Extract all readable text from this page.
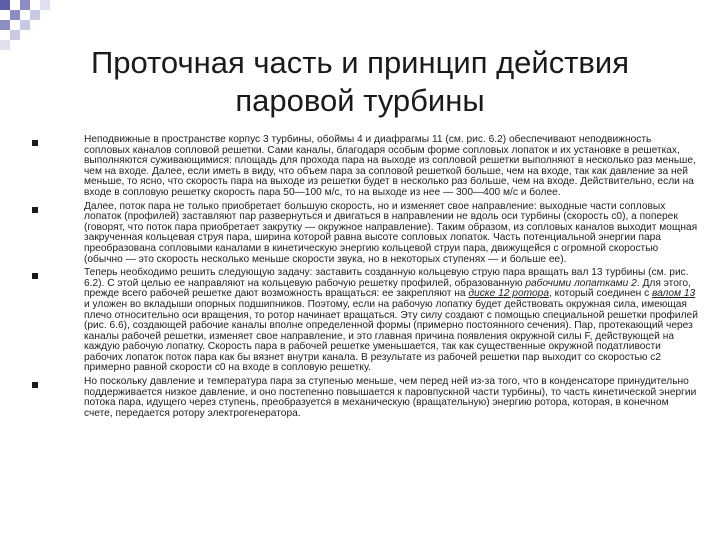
Проточная часть и принцип действия
паровой турбины
Неподвижные в пространстве корпус 3 турбины, обоймы 4 и диафрагмы 11 (см. рис. 6.2) обеспечивают неподвижность сопловых каналов сопловой решетки. Сами каналы, благодаря особым форме сопловых лопаток и их установке в решетках, выполняются суживающимися: площадь для прохода пара на выходе из сопловой решетки выполняют в несколько раз меньше, чем на входе. Далее, если иметь в виду, что объем пара за сопловой решеткой больше, чем на входе, так как давление за ней меньше, то ясно, что скорость пара на выходе из решетки будет в несколько раз больше, чем на входе. Действительно, если на входе в сопловую решетку скорость пара 50—100 м/с, то на выходе из нее — 300—400 м/с и более.
Далее, поток пара не только приобретает большую скорость, но и изменяет свое направление: выходные части сопловых лопаток (профилей) заставляют пар развернуться и двигаться в направлении не вдоль оси турбины (скорость с0), а поперек (говорят, что поток пара приобретает закрутку — окружное направление). Таким образом, из сопловых каналов выходит мощная закрученная кольцевая струя пара, ширина которой равна высоте сопловых лопаток. Часть потенциальной энергии пара преобразована сопловыми каналами в кинетическую энергию кольцевой струи пара, движущейся с огромной скоростью (обычно — это скорость несколько меньше скорости звука, но в некоторых ступенях — и больше ее).
Теперь необходимо решить следующую задачу: заставить созданную кольцевую струю пара вращать вал 13 турбины (см. рис. 6.2). С этой целью ее направляют на кольцевую рабочую решетку профилей, образованную рабочими лопатками 2. Для этого, прежде всего рабочей решетке дают возможность вращаться: ее закрепляют на диске 12 ротора, который соединен с валом 13 и уложен во вкладыши опорных подшипников. Поэтому, если на рабочую лопатку будет действовать окружная сила, имеющая плечо относительно оси вращения, то ротор начинает вращаться. Эту силу создают с помощью специальной решетки профилей (рис. 6.6), создающей рабочие каналы вполне определенной формы (примерно постоянного сечения). Пар, протекающий через каналы рабочей решетки, изменяет свое направление, и это главная причина появления окружной силы F, действующей на каждую рабочую лопатку. Скорость пара в рабочей решетке уменьшается, так как существенные окружной податливости рабочих лопаток поток пара как бы вязнет внутри канала. В результате из рабочей решетки пар выходит со скоростью с2 примерно равной скорости с0 на входе в сопловую решетку.
Но поскольку давление и температура пара за ступенью меньше, чем перед ней из-за того, что в конденсаторе принудительно поддерживается низкое давление, и оно постепенно повышается к паровпускной части турбины), то часть кинетической энергии потока пара, идущего через ступень, преобразуется в механическую (вращательную) энергию ротора, которая, в конечном счете, передается ротору электрогенератора.
